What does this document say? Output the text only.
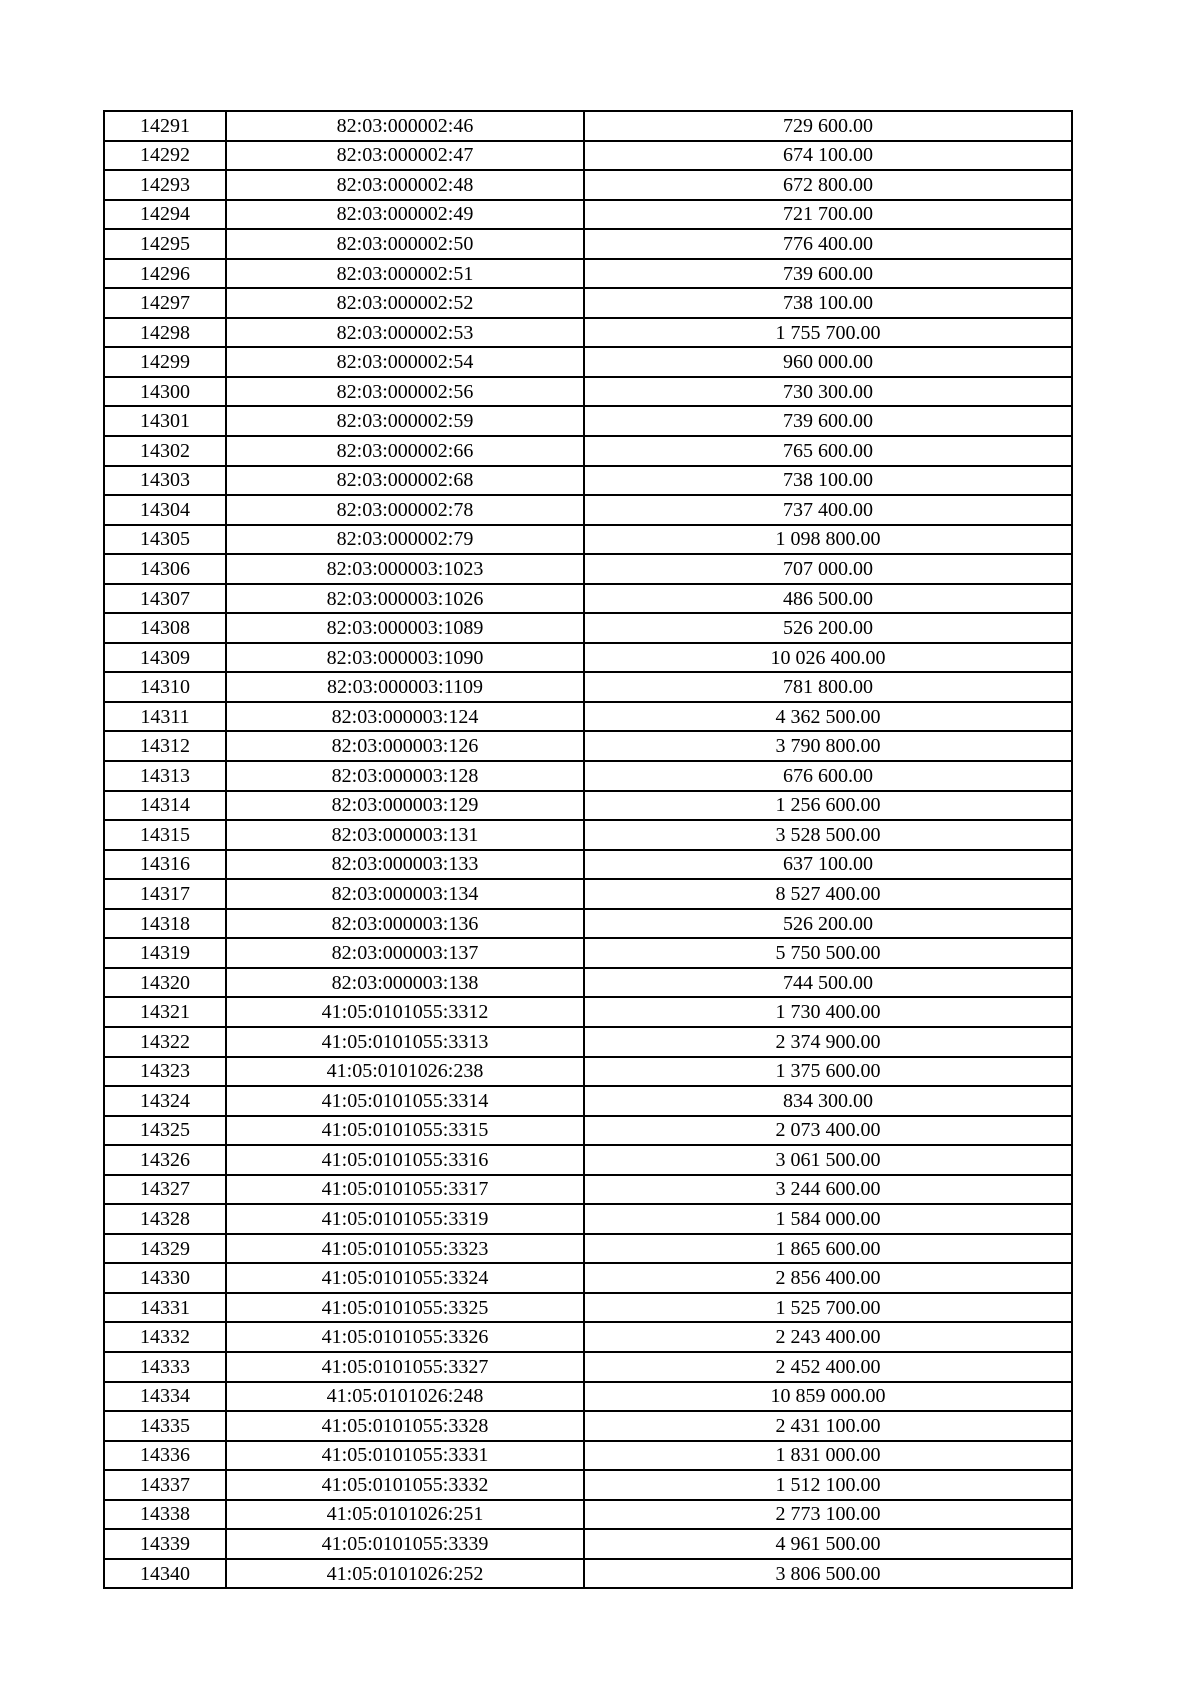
14291	82:03:000002:46	729 600.00
14292	82:03:000002:47	674 100.00
14293	82:03:000002:48	672 800.00
14294	82:03:000002:49	721 700.00
14295	82:03:000002:50	776 400.00
14296	82:03:000002:51	739 600.00
14297	82:03:000002:52	738 100.00
14298	82:03:000002:53	1 755 700.00
14299	82:03:000002:54	960 000.00
14300	82:03:000002:56	730 300.00
14301	82:03:000002:59	739 600.00
14302	82:03:000002:66	765 600.00
14303	82:03:000002:68	738 100.00
14304	82:03:000002:78	737 400.00
14305	82:03:000002:79	1 098 800.00
14306	82:03:000003:1023	707 000.00
14307	82:03:000003:1026	486 500.00
14308	82:03:000003:1089	526 200.00
14309	82:03:000003:1090	10 026 400.00
14310	82:03:000003:1109	781 800.00
14311	82:03:000003:124	4 362 500.00
14312	82:03:000003:126	3 790 800.00
14313	82:03:000003:128	676 600.00
14314	82:03:000003:129	1 256 600.00
14315	82:03:000003:131	3 528 500.00
14316	82:03:000003:133	637 100.00
14317	82:03:000003:134	8 527 400.00
14318	82:03:000003:136	526 200.00
14319	82:03:000003:137	5 750 500.00
14320	82:03:000003:138	744 500.00
14321	41:05:0101055:3312	1 730 400.00
14322	41:05:0101055:3313	2 374 900.00
14323	41:05:0101026:238	1 375 600.00
14324	41:05:0101055:3314	834 300.00
14325	41:05:0101055:3315	2 073 400.00
14326	41:05:0101055:3316	3 061 500.00
14327	41:05:0101055:3317	3 244 600.00
14328	41:05:0101055:3319	1 584 000.00
14329	41:05:0101055:3323	1 865 600.00
14330	41:05:0101055:3324	2 856 400.00
14331	41:05:0101055:3325	1 525 700.00
14332	41:05:0101055:3326	2 243 400.00
14333	41:05:0101055:3327	2 452 400.00
14334	41:05:0101026:248	10 859 000.00
14335	41:05:0101055:3328	2 431 100.00
14336	41:05:0101055:3331	1 831 000.00
14337	41:05:0101055:3332	1 512 100.00
14338	41:05:0101026:251	2 773 100.00
14339	41:05:0101055:3339	4 961 500.00
14340	41:05:0101026:252	3 806 500.00
